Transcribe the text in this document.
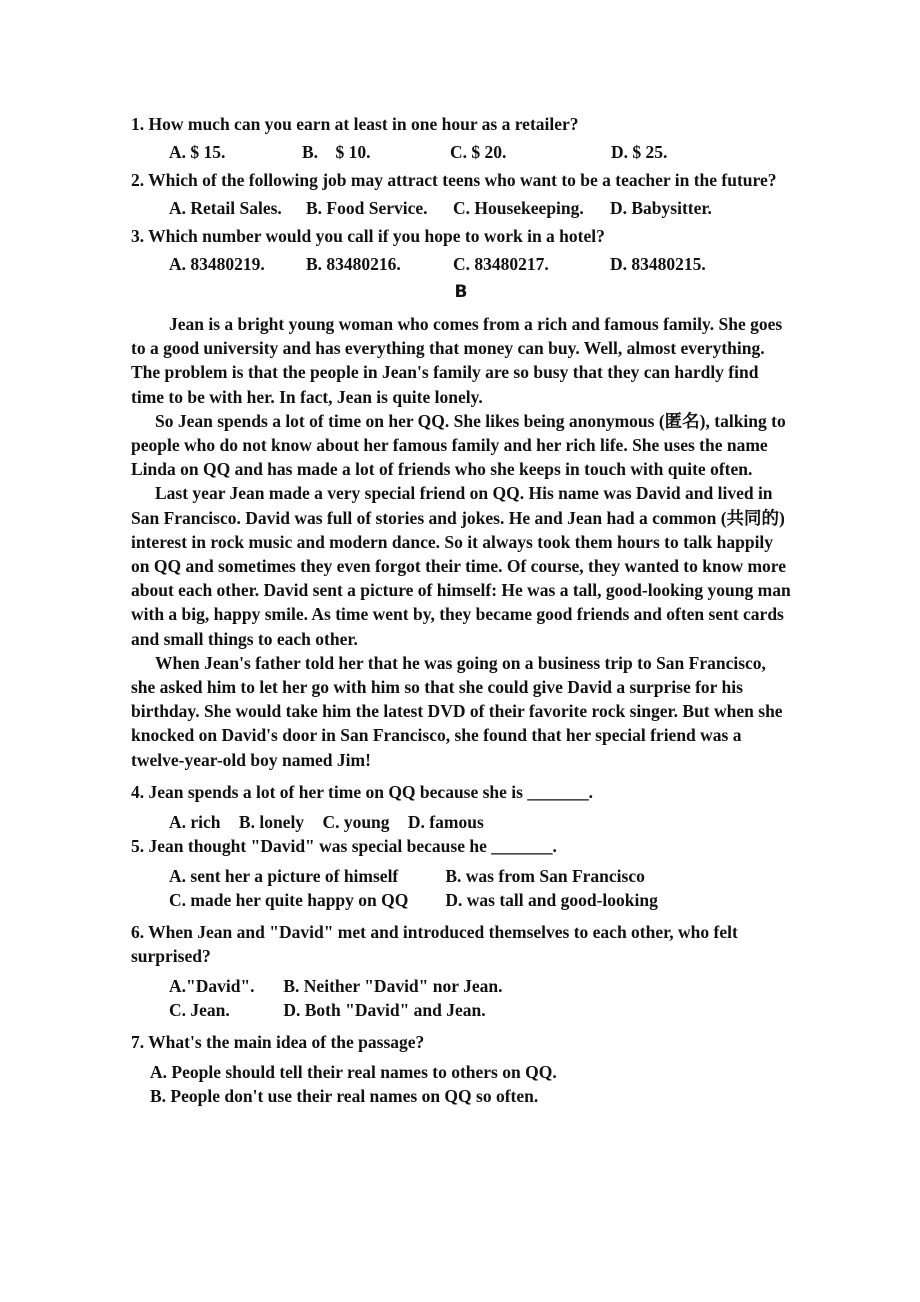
1. How much can you earn at least in one hour as a retailer?

A. $ 15.	B.    $ 10.	C. $ 20.	D. $ 25.

2. Which of the following job may attract teens who want to be a teacher in the future?

A. Retail Sales.	B. Food Service.	C. Housekeeping.	D. Babysitter.

3. Which number would you call if you hope to work in a hotel?

A. 83480219.	B. 83480216.	C. 83480217.	D. 83480215.
B

Jean is a bright young woman who comes from a rich and famous family. She goes to a good university and has everything that money can buy. Well, almost everything. The problem is that the people in Jean's family are so busy that they can hardly find time to be with her. In fact, Jean is quite lonely.

So Jean spends a lot of time on her QQ. She likes being anonymous (匿名), talking to people who do not know about her famous family and her rich life. She uses the name Linda on QQ and has made a lot of friends who she keeps in touch with quite often.

Last year Jean made a very special friend on QQ. His name was David and lived in San Francisco. David was full of stories and jokes. He and Jean had a common (共同的) interest in rock music and modern dance. So it always took them hours to talk happily on QQ and sometimes they even forgot their time. Of course, they wanted to know more about each other. David sent a picture of himself: He was a tall, good-looking young man with a big, happy smile. As time went by, they became good friends and often sent cards and small things to each other.

When Jean's father told her that he was going on a business trip to San Francisco, she asked him to let her go with him so that she could give David a surprise for his birthday. She would take him the latest DVD of their favorite rock singer. But when she knocked on David's door in San Francisco, she found that her special friend was a twelve-year-old boy named Jim!

4. Jean spends a lot of her time on QQ because she is _______.

A. rich B. lonely C. young D. famous

5. Jean thought "David" was special because he _______.

A. sent her a picture of himself	B. was from San Francisco
C. made her quite happy on QQ D. was tall and good-looking

6. When Jean and "David" met and introduced themselves to each other, who felt surprised?

A."David". B. Neither "David" nor Jean.
C. Jean.	D. Both "David" and Jean.

7. What's the main idea of the passage?

A. People should tell their real names to others on QQ.
B. People don't use their real names on QQ so often.
